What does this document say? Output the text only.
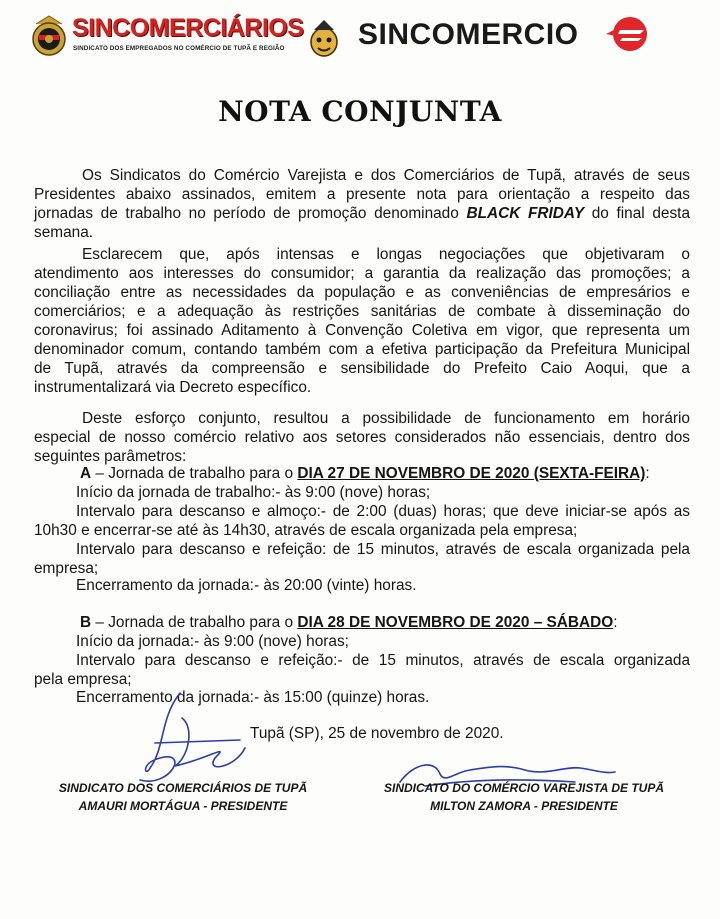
SINCOMERCIÁRIOS
SINDICATO DOS EMPREGADOS NO COMÉRCIO DE TUPÃ E REGIÃO SINCOMERCIO
NOTA CONJUNTA
Os Sindicatos do Comércio Varejista e dos Comerciários de Tupã, através de seus
Presidentes abaixo assinados, emitem a presente nota para orientação a respeito das
jornadas de trabalho no período de promoção denominado BLACK FRIDAY do final desta
semana.
Esclarecem que, após intensas e longas negociações que objetivaram o
atendimento aos interesses do consumidor; a garantia da realização das promoções; a
conciliação entre as necessidades da população e as conveniências de empresários e
comerciários; e a adequação às restrições sanitárias de combate à disseminação do
coronavirus; foi assinado Aditamento à Convenção Coletiva em vigor, que representa um
denominador comum, contando também com a efetiva participação da Prefeitura Municipal
de Tupã, através da compreensão e sensibilidade do Prefeito Caio Aoqui, que a
instrumentalizará via Decreto específico.
Deste esforço conjunto, resultou a possibilidade de funcionamento em horário
especial de nosso comércio relativo aos setores considerados não essenciais, dentro dos
seguintes parâmetros:
A – Jornada de trabalho para o DIA 27 DE NOVEMBRO DE 2020 (SEXTA-FEIRA):
Início da jornada de trabalho:- às 9:00 (nove) horas;
Intervalo para descanso e almoço:- de 2:00 (duas) horas; que deve iniciar-se após as
10h30 e encerrar-se até às 14h30, através de escala organizada pela empresa;
Intervalo para descanso e refeição: de 15 minutos, através de escala organizada pela
empresa;
Encerramento da jornada:- às 20:00 (vinte) horas.
B – Jornada de trabalho para o DIA 28 DE NOVEMBRO DE 2020 – SÁBADO:
Início da jornada:- às 9:00 (nove) horas;
Intervalo para descanso e refeição:- de 15 minutos, através de escala organizada
pela empresa;
Encerramento da jornada:- às 15:00 (quinze) horas.
Tupã (SP), 25 de novembro de 2020.
SINDICATO DOS COMERCIÁRIOS DE TUPÃ
AMAURI MORTÁGUA - PRESIDENTE
SINDICATO DO COMÉRCIO VAREJISTA DE TUPÃ
MILTON ZAMORA - PRESIDENTE
